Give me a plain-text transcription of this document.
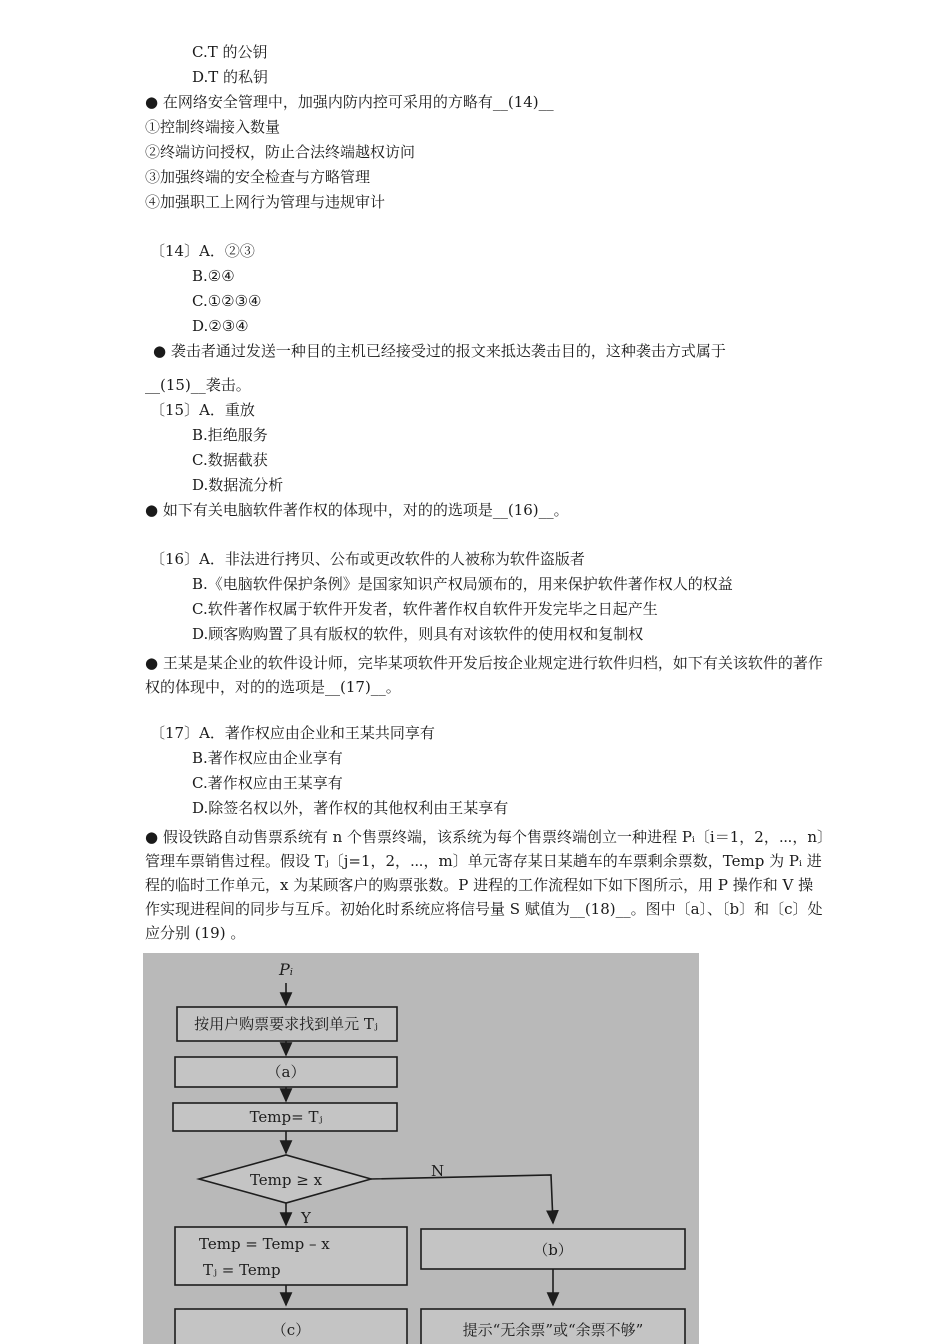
C.T 的公钥
D.T 的私钥
● 在网络安全管理中，加强内防内控可采用的方略有__(14)__
①控制终端接入数量
②终端访问授权，防止合法终端越权访问
③加强终端的安全检查与方略管理
④加强职工上网行为管理与违规审计
〔14〕A．②③
B.②④
C.①②③④
D.②③④
● 袭击者通过发送一种目的主机已经接受过的报文来抵达袭击目的，这种袭击方式属于
__(15)__袭击。
〔15〕A．重放
B.拒绝服务
C.数据截获
D.数据流分析
● 如下有关电脑软件著作权的体现中，对的的选项是__(16)__。
〔16〕A．非法进行拷贝、公布或更改软件的人被称为软件盗版者
B.《电脑软件保护条例》是国家知识产权局颁布的，用来保护软件著作权人的权益
C.软件著作权属于软件开发者，软件著作权自软件开发完毕之日起产生
D.顾客购购置了具有版权的软件，则具有对该软件的使用权和复制权
● 王某是某企业的软件设计师，完毕某项软件开发后按企业规定进行软件归档，如下有关该软件的著作权的体现中，对的的选项是__(17)__。
〔17〕A．著作权应由企业和王某共同享有
B.著作权应由企业享有
C.著作权应由王某享有
D.除签名权以外，著作权的其他权利由王某享有
● 假设铁路自动售票系统有 n 个售票终端，该系统为每个售票终端创立一种进程 Pᵢ〔i＝1，2，⋯，n〕管理车票销售过程。假设 Tⱼ〔j=1，2，⋯，m〕单元寄存某日某趟车的车票剩余票数，Temp 为 Pᵢ 进程的临时工作单元，x 为某顾客户的购票张数。P 进程的工作流程如下如下图所示，用 P 操作和 V 操作实现进程间的同步与互斥。初始化时系统应将信号量 S 赋值为__(18)__。图中〔a〕、〔b〕和〔c〕处应分别 (19) 。
Pᵢ
按用户购票要求找到单元 Tⱼ
（a）
Temp= Tⱼ
Temp ≥ x	N
Y
Temp = Temp – x
Tⱼ = Temp
（b）
（c）	提示“无余票”或“余票不够”
